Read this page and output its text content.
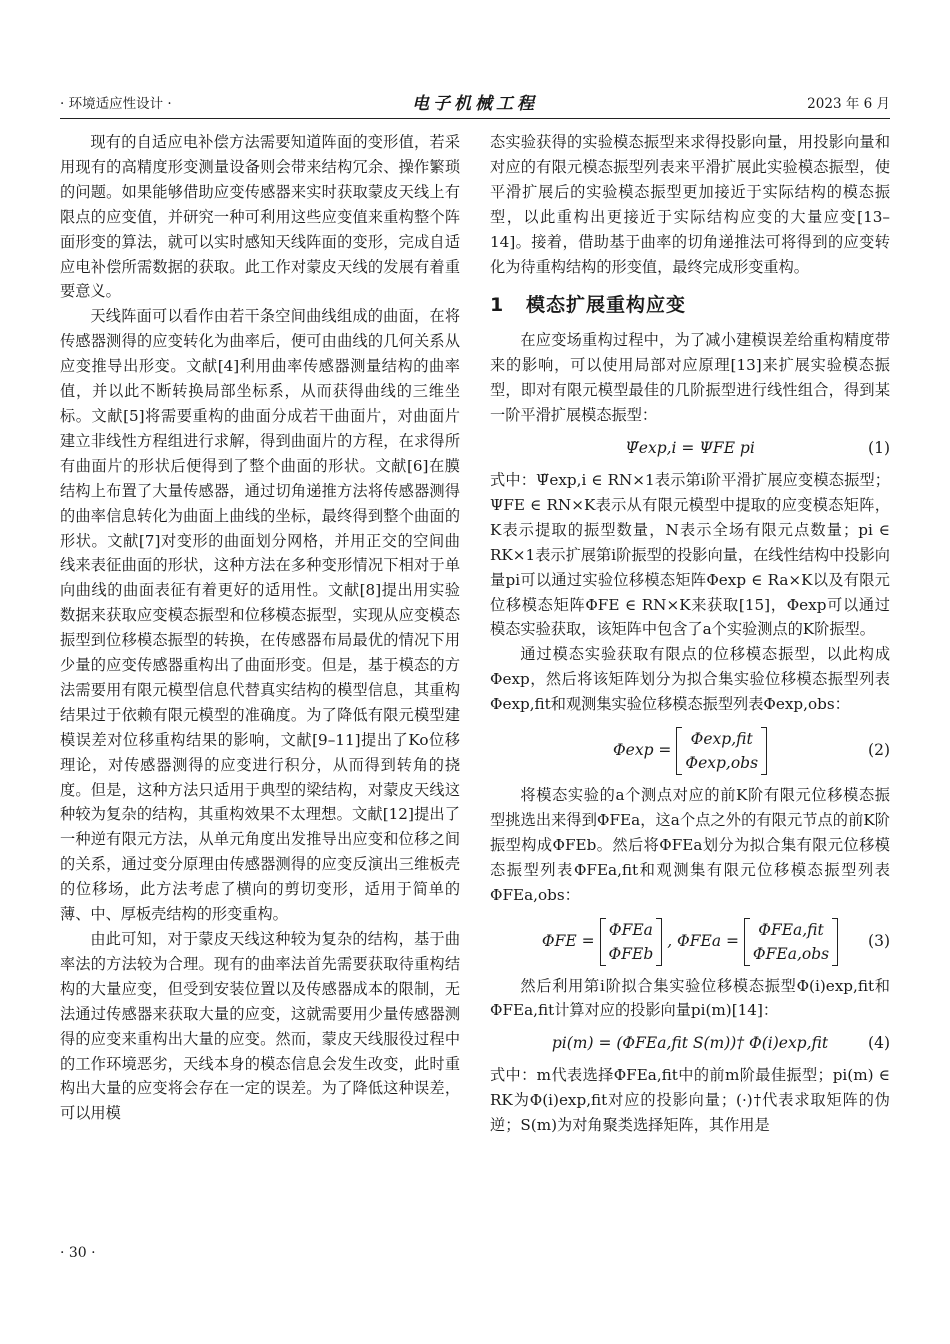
· 环境适应性设计 ·	电子机械工程	2023 年 6 月

现有的自适应电补偿方法需要知道阵面的变形值，若采用现有的高精度形变测量设备则会带来结构冗余、操作繁琐的问题。如果能够借助应变传感器来实时获取蒙皮天线上有限点的应变值，并研究一种可利用这些应变值来重构整个阵面形变的算法，就可以实时感知天线阵面的变形，完成自适应电补偿所需数据的获取。此工作对蒙皮天线的发展有着重要意义。

天线阵面可以看作由若干条空间曲线组成的曲面，在将传感器测得的应变转化为曲率后，便可由曲线的几何关系从应变推导出形变。文献[4]利用曲率传感器测量结构的曲率值，并以此不断转换局部坐标系，从而获得曲线的三维坐标。文献[5]将需要重构的曲面分成若干曲面片，对曲面片建立非线性方程组进行求解，得到曲面片的方程，在求得所有曲面片的形状后便得到了整个曲面的形状。文献[6]在膜结构上布置了大量传感器，通过切角递推方法将传感器测得的曲率信息转化为曲面上曲线的坐标，最终得到整个曲面的形状。文献[7]对变形的曲面划分网格，并用正交的空间曲线来表征曲面的形状，这种方法在多种变形情况下相对于单向曲线的曲面表征有着更好的适用性。文献[8]提出用实验数据来获取应变模态振型和位移模态振型，实现从应变模态振型到位移模态振型的转换，在传感器布局最优的情况下用少量的应变传感器重构出了曲面形变。但是，基于模态的方法需要用有限元模型信息代替真实结构的模型信息，其重构结果过于依赖有限元模型的准确度。为了降低有限元模型建模误差对位移重构结果的影响，文献[9–11]提出了Ko位移理论，对传感器测得的应变进行积分，从而得到转角的挠度。但是，这种方法只适用于典型的梁结构，对蒙皮天线这种较为复杂的结构，其重构效果不太理想。文献[12]提出了一种逆有限元方法，从单元角度出发推导出应变和位移之间的关系，通过变分原理由传感器测得的应变反演出三维板壳的位移场，此方法考虑了横向的剪切变形，适用于简单的薄、中、厚板壳结构的形变重构。

由此可知，对于蒙皮天线这种较为复杂的结构，基于曲率法的方法较为合理。现有的曲率法首先需要获取待重构结构的大量应变，但受到安装位置以及传感器成本的限制，无法通过传感器来获取大量的应变，这就需要用少量传感器测得的应变来重构出大量的应变。然而，蒙皮天线服役过程中的工作环境恶劣，天线本身的模态信息会发生改变，此时重构出大量的应变将会存在一定的误差。为了降低这种误差，可以用模

态实验获得的实验模态振型来求得投影向量，用投影向量和对应的有限元模态振型列表来平滑扩展此实验模态振型，使平滑扩展后的实验模态振型更加接近于实际结构的模态振型，以此重构出更接近于实际结构应变的大量应变[13–14]。接着，借助基于曲率的切角递推法可将得到的应变转化为待重构结构的形变值，最终完成形变重构。

1 模态扩展重构应变

在应变场重构过程中，为了减小建模误差给重构精度带来的影响，可以使用局部对应原理[13]来扩展实验模态振型，即对有限元模型最佳的几阶振型进行线性组合，得到某一阶平滑扩展模态振型：

Ψ̃exp,i = ΨFE pi	(1)

式中：Ψ̃exp,i ∈ RN×1表示第i阶平滑扩展应变模态振型；ΨFE ∈ RN×K表示从有限元模型中提取的应变模态矩阵，K表示提取的振型数量，N表示全场有限元点数量；pi ∈ RK×1表示扩展第i阶振型的投影向量，在线性结构中投影向量pi可以通过实验位移模态矩阵Φexp ∈ Ra×K以及有限元位移模态矩阵ΦFE ∈ RN×K来获取[15]，Φexp可以通过模态实验获取，该矩阵中包含了a个实验测点的K阶振型。

通过模态实验获取有限点的位移模态振型，以此构成Φexp，然后将该矩阵划分为拟合集实验位移模态振型列表Φexp,fit和观测集实验位移模态振型列表Φexp,obs：

Φexp =
Φexp,fit
Φexp,obs
(2)

将模态实验的a个测点对应的前K阶有限元位移模态振型挑选出来得到ΦFEa，这a个点之外的有限元节点的前K阶振型构成ΦFEb。然后将ΦFEa划分为拟合集有限元位移模态振型列表ΦFEa,fit和观测集有限元位移模态振型列表ΦFEa,obs：

ΦFE =
ΦFEa
ΦFEb
, ΦFEa =
ΦFEa,fit
ΦFEa,obs
(3)

然后利用第i阶拟合集实验位移模态振型Φ(i)exp,fit和ΦFEa,fit计算对应的投影向量pi(m)[14]：

pi(m) = (ΦFEa,fit S(m))† Φ(i)exp,fit	(4)

式中：m代表选择ΦFEa,fit中的前m阶最佳振型；pi(m) ∈ RK为Φ(i)exp,fit对应的投影向量；(·)†代表求取矩阵的伪逆；S(m)为对角聚类选择矩阵，其作用是

· 30 ·
